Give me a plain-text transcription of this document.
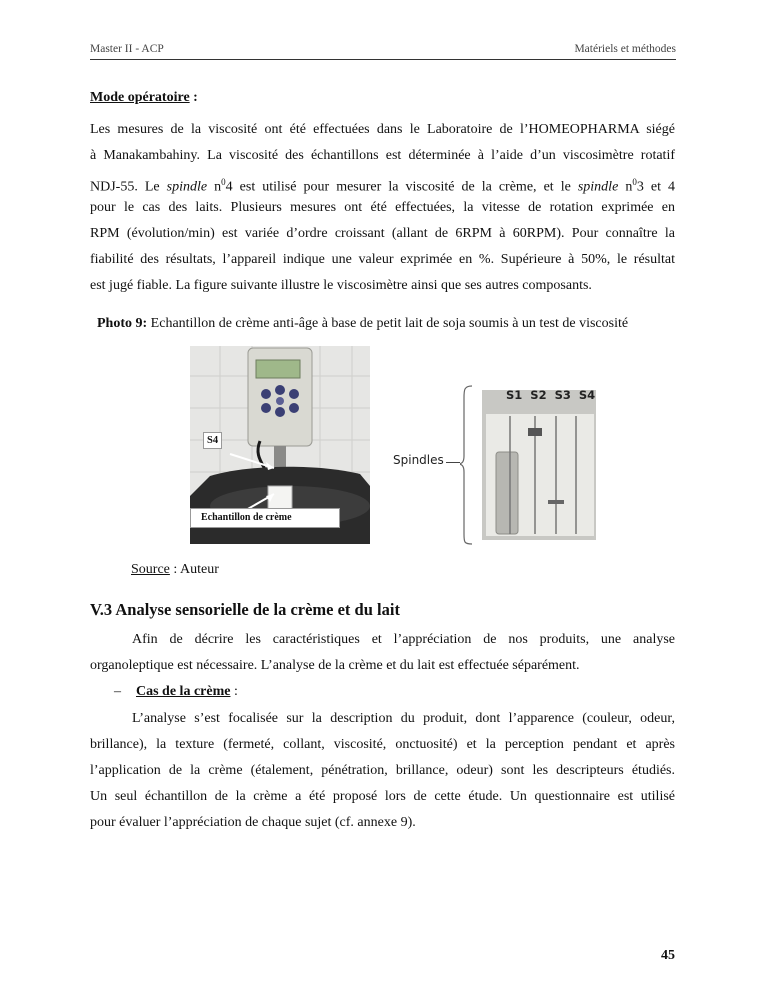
Master II - ACP	Matériels et méthodes
Mode opératoire :
Les mesures de la viscosité ont été effectuées dans le Laboratoire de l’HOMEOPHARMA siégé
à Manakambahiny. La viscosité des échantillons est déterminée à l’aide d’un viscosimètre rotatif
NDJ-55. Le spindle $n^04$ est utilisé pour mesurer la viscosité de la crème, et le spindle $n^03$ et 4
pour le cas des laits. Plusieurs mesures ont été effectuées, la vitesse de rotation exprimée en
RPM (évolution/min) est variée d’ordre croissant (allant de 6RPM à 60RPM). Pour connaître la
fiabilité des résultats, l’appareil indique une valeur exprimée en %. Supérieure à 50%, le résultat
est jugé fiable. La figure suivante illustre le viscosimètre ainsi que ses autres composants.
Photo 9: Echantillon de crème anti-âge à base de petit lait de soja soumis à un test de viscosité
S4
Echantillon de crème
S1  S2  S3  S4
Spindles
Source : Auteur
V.3 Analyse sensorielle de la crème et du lait
Afin de décrire les caractéristiques et l’appréciation de nos produits, une analyse
organoleptique est nécessaire. L’analyse de la crème et du lait est effectuée séparément.
– Cas de la crème :
L’analyse s’est focalisée sur la description du produit, dont l’apparence (couleur, odeur,
brillance), la texture (fermeté, collant, viscosité, onctuosité) et la perception pendant et après
l’application de la crème (étalement, pénétration, brillance, odeur) sont les descripteurs étudiés.
Un seul échantillon de la crème a été proposé lors de cette étude. Un questionnaire est utilisé
pour évaluer l’appréciation de chaque sujet (cf. annexe 9).
45
